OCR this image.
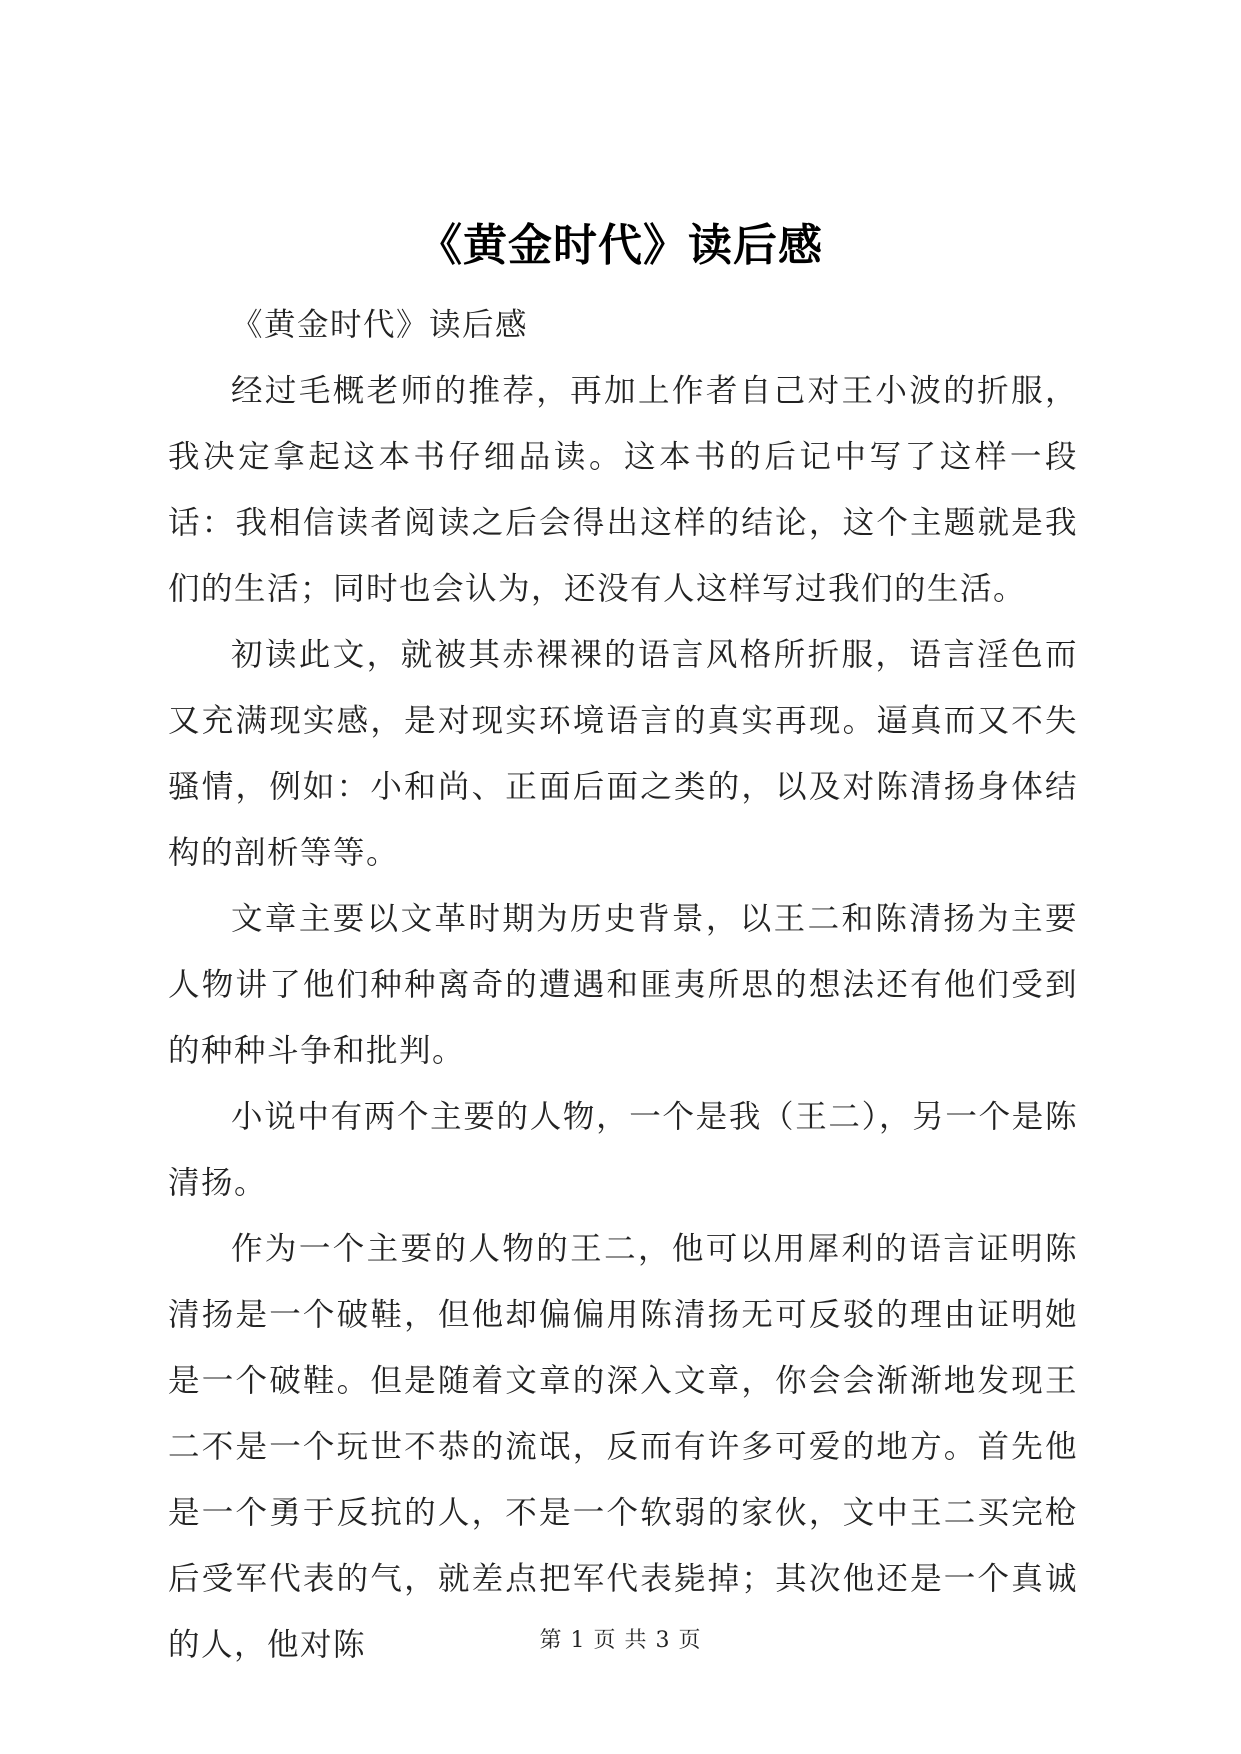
《黄金时代》读后感

《黄金时代》读后感

经过毛概老师的推荐，再加上作者自己对王小波的折服，我决定拿起这本书仔细品读。这本书的后记中写了这样一段话：我相信读者阅读之后会得出这样的结论，这个主题就是我们的生活；同时也会认为，还没有人这样写过我们的生活。

初读此文，就被其赤裸裸的语言风格所折服，语言淫色而又充满现实感，是对现实环境语言的真实再现。逼真而又不失骚情，例如：小和尚、正面后面之类的，以及对陈清扬身体结构的剖析等等。

文章主要以文革时期为历史背景，以王二和陈清扬为主要人物讲了他们种种离奇的遭遇和匪夷所思的想法还有他们受到的种种斗争和批判。

小说中有两个主要的人物，一个是我（王二），另一个是陈清扬。

作为一个主要的人物的王二，他可以用犀利的语言证明陈清扬是一个破鞋，但他却偏偏用陈清扬无可反驳的理由证明她是一个破鞋。但是随着文章的深入文章，你会会渐渐地发现王二不是一个玩世不恭的流氓，反而有许多可爱的地方。首先他是一个勇于反抗的人，不是一个软弱的家伙，文中王二买完枪后受军代表的气，就差点把军代表毙掉；其次他还是一个真诚的人，他对陈	第 1 页 共 3 页
